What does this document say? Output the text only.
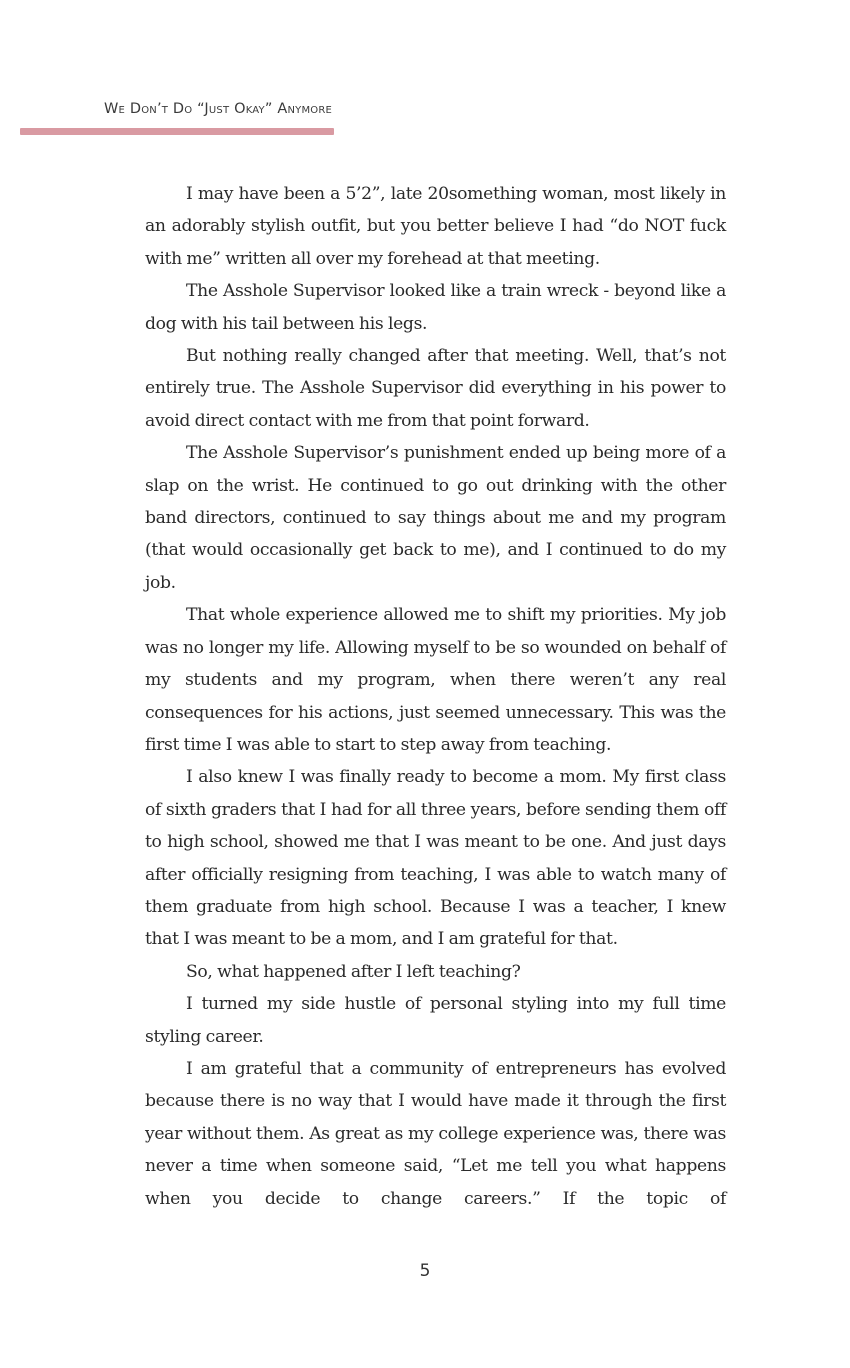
We Don’t Do “Just Okay” Anymore

I may have been a 5’2”, late 20something woman, most likely in an adorably stylish outfit, but you better believe I had “do NOT fuck with me” written all over my forehead at that meeting.

The Asshole Supervisor looked like a train wreck - beyond like a dog with his tail between his legs.

But nothing really changed after that meeting. Well, that’s not entirely true. The Asshole Supervisor did everything in his power to avoid direct contact with me from that point forward.

The Asshole Supervisor’s punishment ended up being more of a slap on the wrist. He continued to go out drinking with the other band directors, continued to say things about me and my program (that would occasionally get back to me), and I continued to do my job.

That whole experience allowed me to shift my priorities. My job was no longer my life. Allowing myself to be so wounded on behalf of my students and my program, when there weren’t any real consequences for his actions, just seemed unnecessary. This was the first time I was able to start to step away from teaching.

I also knew I was finally ready to become a mom. My first class of sixth graders that I had for all three years, before sending them off to high school, showed me that I was meant to be one. And just days after officially resigning from teaching, I was able to watch many of them graduate from high school. Because I was a teacher, I knew that I was meant to be a mom, and I am grateful for that.

So, what happened after I left teaching?

I turned my side hustle of personal styling into my full time styling career.

I am grateful that a community of entrepreneurs has evolved because there is no way that I would have made it through the first year without them. As great as my college experience was, there was never a time when someone said, “Let me tell you what happens when you decide to change careers.” If the topic of

5
